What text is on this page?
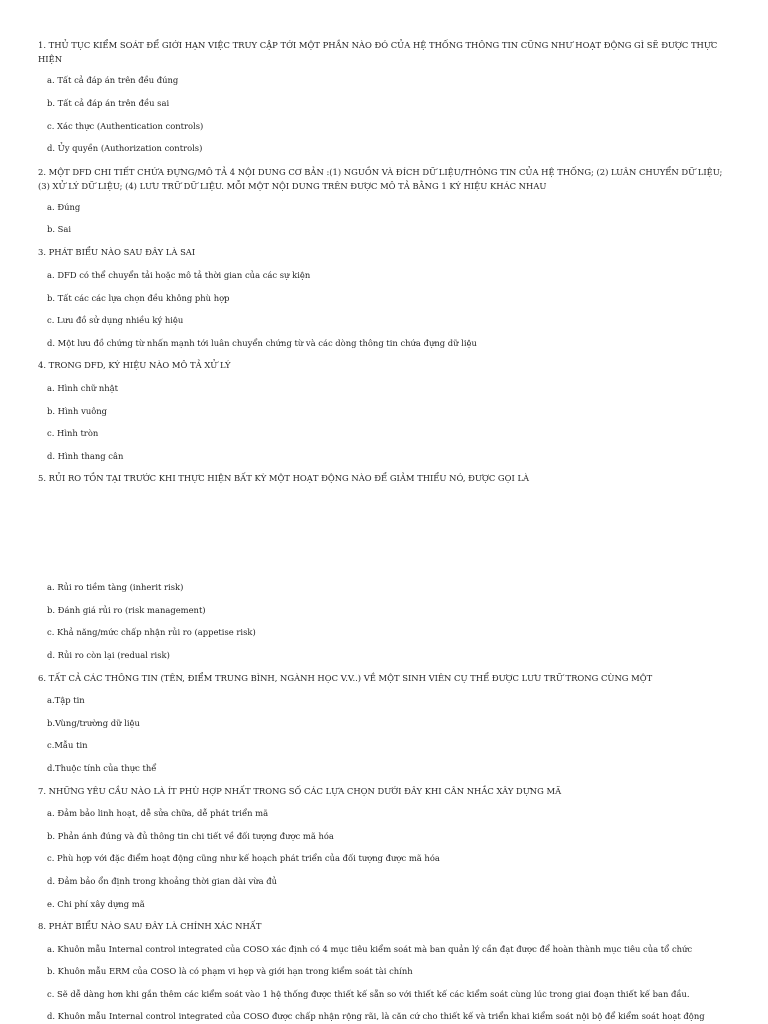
1. THỦ TỤC KIỂM SOÁT ĐỂ GIỚI HẠN VIỆC TRUY CẬP TỚI MỘT PHẦN NÀO ĐÓ CỦA HỆ THỐNG THÔNG TIN CŨNG NHƯ HOẠT ĐỘNG GÌ SẼ ĐƯỢC THỰC HIỆN

a. Tất cả đáp án trên đều đúng

b. Tất cả đáp án trên đều sai

c. Xác thực (Authentication controls)

d. Ủy quyền (Authorization controls)

2. MỘT DFD CHI TIẾT CHỨA ĐỰNG/MÔ TẢ 4 NỘI DUNG CƠ BẢN :(1) NGUỒN VÀ ĐÍCH DỮ LIỆU/THÔNG TIN CỦA HỆ THỐNG; (2) LUÂN CHUYỂN DỮ LIỆU; (3) XỬ LÝ DỮ LIỆU; (4) LƯU TRỮ DỮ LIỆU. MỖI MỘT NỘI DUNG TRÊN ĐƯỢC MÔ TẢ BẰNG 1 KÝ HIỆU KHÁC NHAU

a. Đúng

b. Sai

3. PHÁT BIỂU NÀO SAU ĐÂY LÀ SAI

a. DFD có thể chuyển tải hoặc mô tả thời gian của các sự kiện

b. Tất các các lựa chọn đều không phù hợp

c. Lưu đồ sử dụng nhiều ký hiệu

d. Một lưu đồ chứng từ nhấn mạnh tới luân chuyển chứng từ và các dòng thông tin chứa đựng dữ liệu

4. TRONG DFD, KÝ HIỆU NÀO MÔ TẢ XỬ LÝ

a. Hình chữ nhật

b. Hình vuông

c. Hình tròn

d. Hình thang cân

5. RỦI RO TỒN TẠI TRƯỚC KHI THỰC HIỆN BẤT KỲ MỘT HOẠT ĐỘNG NÀO ĐỂ GIẢM THIỂU NÓ, ĐƯỢC GỌI LÀ

a. Rủi ro tiềm tàng (inherit risk)

b. Đánh giá rủi ro (risk management)

c. Khả năng/mức chấp nhận rủi ro (appetise risk)

d. Rủi ro còn lại (redual risk)

6. TẤT CẢ CÁC THÔNG TIN (TÊN, ĐIỂM TRUNG BÌNH, NGÀNH HỌC V.V..) VỀ MỘT SINH VIÊN CỤ THỂ ĐƯỢC LƯU TRỮ TRONG CÙNG MỘT

a.Tập tin

b.Vùng/trường dữ liệu

c.Mẫu tin

d.Thuộc tính của thực thể

7. NHỮNG YÊU CẦU NÀO LÀ ÍT PHÙ HỢP NHẤT TRONG SỐ CÁC LỰA CHỌN DƯỚI ĐÂY KHI CÂN NHẮC XÂY DỰNG MÃ

a. Đảm bảo linh hoạt, dễ sửa chữa, dễ phát triển mã

b. Phản ánh đúng và đủ thông tin chi tiết về đối tượng được mã hóa

c. Phù hợp với đặc điểm hoạt động cũng như kế hoạch phát triển của đối tượng được mã hóa

d. Đảm bảo ổn định trong khoảng thời gian dài vừa đủ

e. Chi phí xây dựng mã

8. PHÁT BIỂU NÀO SAU ĐÂY LÀ CHÍNH XÁC NHẤT

a. Khuôn mẫu Internal control integrated của COSO xác định có 4 mục tiêu kiểm soát mà ban quản lý cần đạt được để hoàn thành mục tiêu của tổ chức

b. Khuôn mẫu ERM của COSO là có phạm vi hẹp và giới hạn trong kiểm soát tài chính

c. Sẽ dễ dàng hơn khi gắn thêm các kiểm soát vào 1 hệ thống được thiết kế sẵn so với thiết kế các kiểm soát cùng lúc trong giai đoạn thiết kế ban đầu.

d. Khuôn mẫu Internal control integrated của COSO được chấp nhận rộng rãi, là căn cứ cho thiết kế và triển khai kiểm soát nội bộ để kiểm soát hoạt động
